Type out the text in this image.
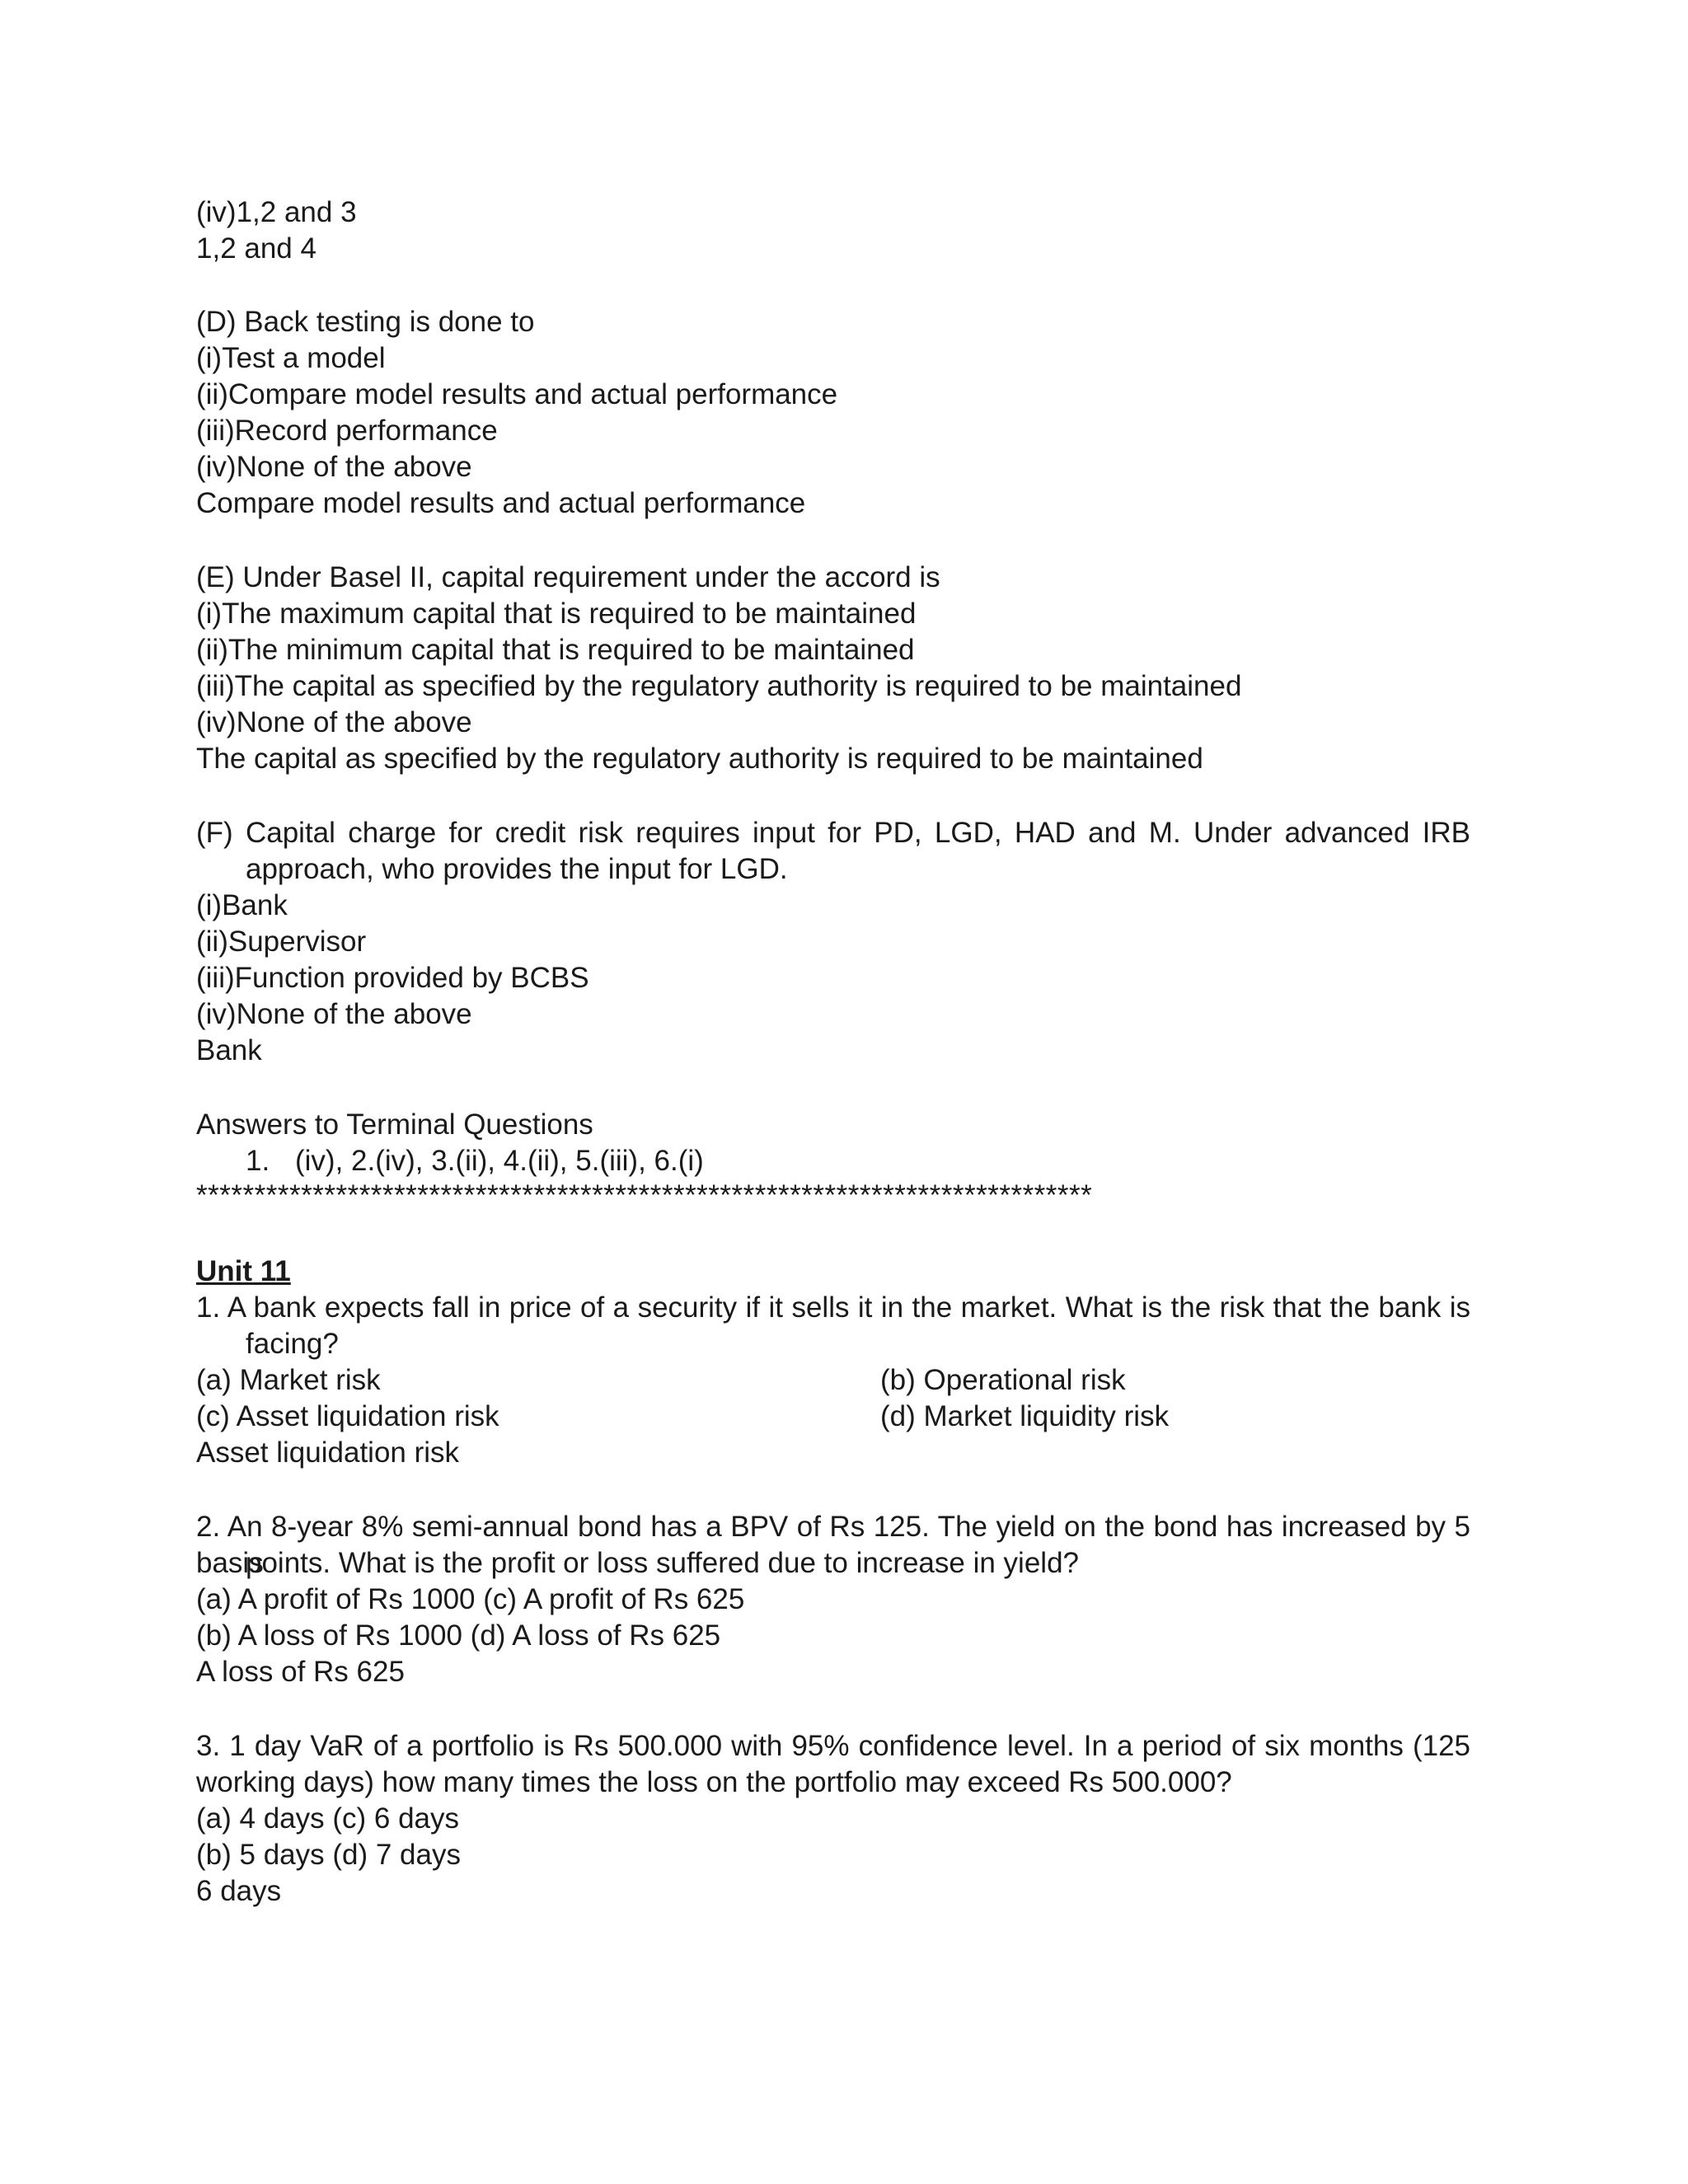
(iv)1,2 and 3
1,2 and 4
(D) Back testing is done to
(i)Test a model
(ii)Compare model results and actual performance
(iii)Record performance
(iv)None of the above
Compare model results and actual performance
(E) Under Basel II, capital requirement under the accord is
(i)The maximum capital that is required to be maintained
(ii)The minimum capital that is required to be maintained
(iii)The capital as specified by the regulatory authority is required to be maintained
(iv)None of the above
The capital as specified by the regulatory authority is required to be maintained
(F) Capital charge for credit risk requires input for PD, LGD, HAD and M. Under advanced IRB
approach, who provides the input for LGD.
(i)Bank
(ii)Supervisor
(iii)Function provided by BCBS
(iv)None of the above
Bank
Answers to Terminal Questions
1. (iv), 2.(iv), 3.(ii), 4.(ii), 5.(iii), 6.(i)
*****************************************************************************
Unit 11
1. A bank expects fall in price of a security if it sells it in the market. What is the risk that the bank is
facing?
(a) Market risk	(b) Operational risk
(c) Asset liquidation risk	(d) Market liquidity risk
Asset liquidation risk
2. An 8-year 8% semi-annual bond has a BPV of Rs 125. The yield on the bond has increased by 5 basis
points. What is the profit or loss suffered due to increase in yield?
(a) A profit of Rs 1000 (c) A profit of Rs 625
(b) A loss of Rs 1000 (d) A loss of Rs 625
A loss of Rs 625
3. 1 day VaR of a portfolio is Rs 500.000 with 95% confidence level. In a period of six months (125
working days) how many times the loss on the portfolio may exceed Rs 500.000?
(a) 4 days (c) 6 days
(b) 5 days (d) 7 days
6 days
